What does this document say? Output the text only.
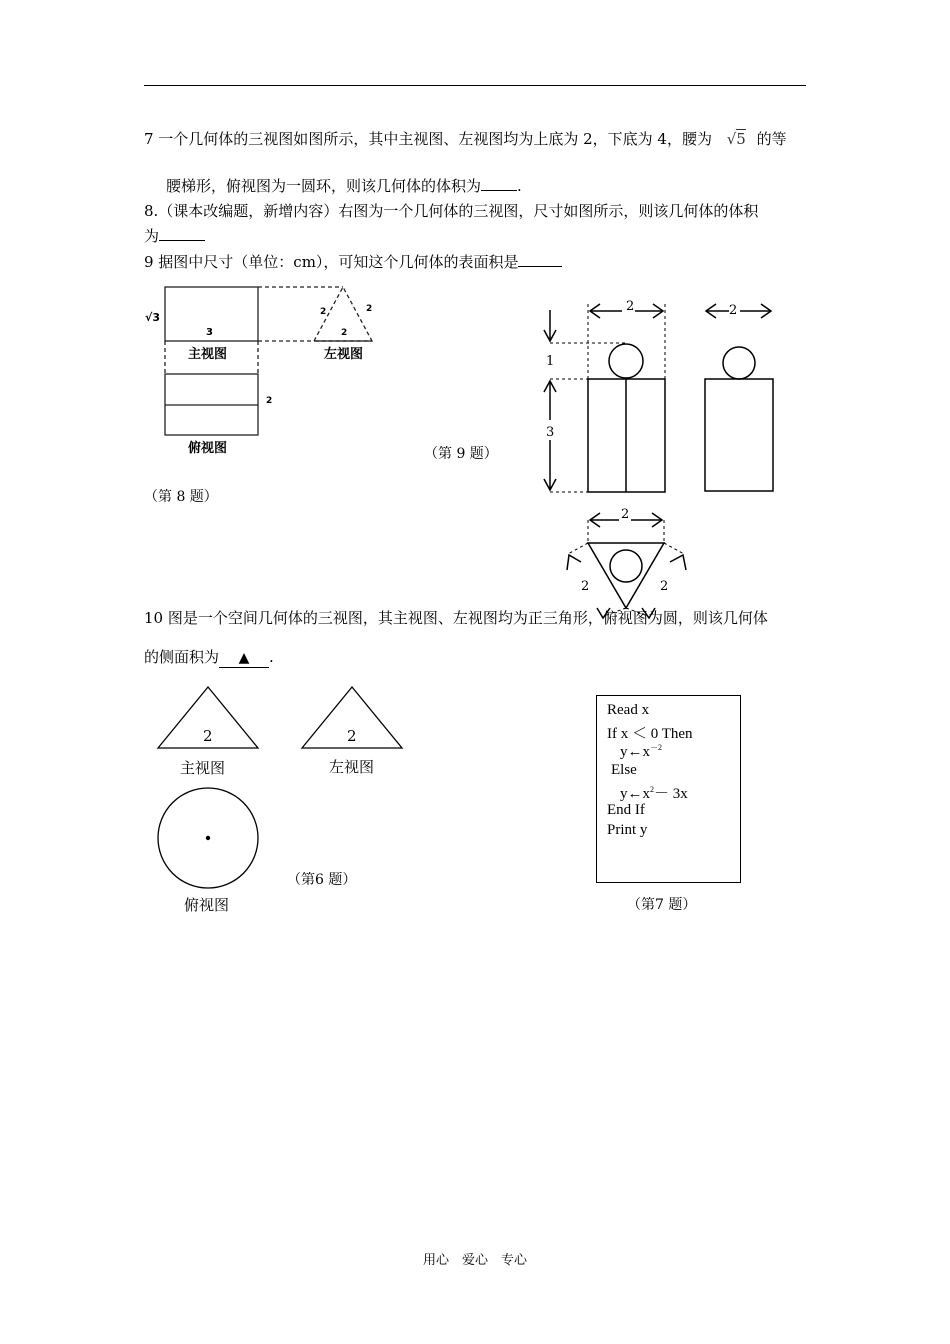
7 一个几何体的三视图如图所示，其中主视图、左视图均为上底为 2，下底为 4，腰为 √5 的等
腰梯形，俯视图为一圆环，则该几何体的体积为 .
8.（课本改编题，新增内容）右图为一个几何体的三视图，尺寸如图所示，则该几何体的体积
为
9 据图中尺寸（单位：cm），可知这个几何体的表面积是
√3
3
主视图
2	2
2
左视图
2
俯视图
（第 8 题）
（第 9 题）
2	2
1
3
2
2	2
10 图是一个空间几何体的三视图，其主视图、左视图均为正三角形，俯视图为圆，则该几何体
的侧面积为 ▲ .
2	2
主视图	左视图
俯视图
（第6 题）
Read x
If x ＜ 0 Then
$y\leftarrow x^{-2}$
Else
$y\leftarrow x^2- 3x$
End If
Print y
（第7 题）
用心　爱心　专心
